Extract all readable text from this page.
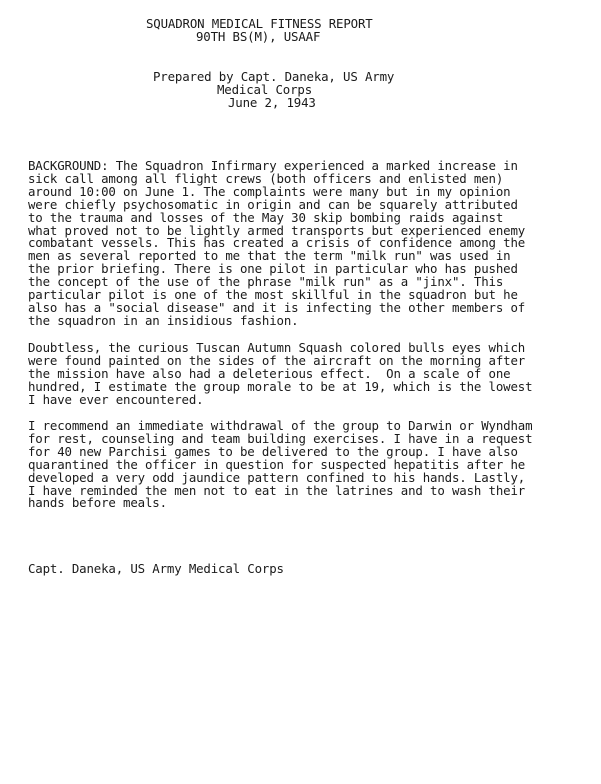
SQUADRON MEDICAL FITNESS REPORT
90TH BS(M), USAAF
Prepared by Capt. Daneka, US Army
Medical Corps
June 2, 1943
BACKGROUND: The Squadron Infirmary experienced a marked increase in
sick call among all flight crews (both officers and enlisted men)
around 10:00 on June 1. The complaints were many but in my opinion
were chiefly psychosomatic in origin and can be squarely attributed
to the trauma and losses of the May 30 skip bombing raids against
what proved not to be lightly armed transports but experienced enemy
combatant vessels. This has created a crisis of confidence among the
men as several reported to me that the term "milk run" was used in
the prior briefing. There is one pilot in particular who has pushed
the concept of the use of the phrase "milk run" as a "jinx". This
particular pilot is one of the most skillful in the squadron but he
also has a "social disease" and it is infecting the other members of
the squadron in an insidious fashion.
Doubtless, the curious Tuscan Autumn Squash colored bulls eyes which
were found painted on the sides of the aircraft on the morning after
the mission have also had a deleterious effect.  On a scale of one
hundred, I estimate the group morale to be at 19, which is the lowest
I have ever encountered.
I recommend an immediate withdrawal of the group to Darwin or Wyndham
for rest, counseling and team building exercises. I have in a request
for 40 new Parchisi games to be delivered to the group. I have also
quarantined the officer in question for suspected hepatitis after he
developed a very odd jaundice pattern confined to his hands. Lastly,
I have reminded the men not to eat in the latrines and to wash their
hands before meals.
Capt. Daneka, US Army Medical Corps
